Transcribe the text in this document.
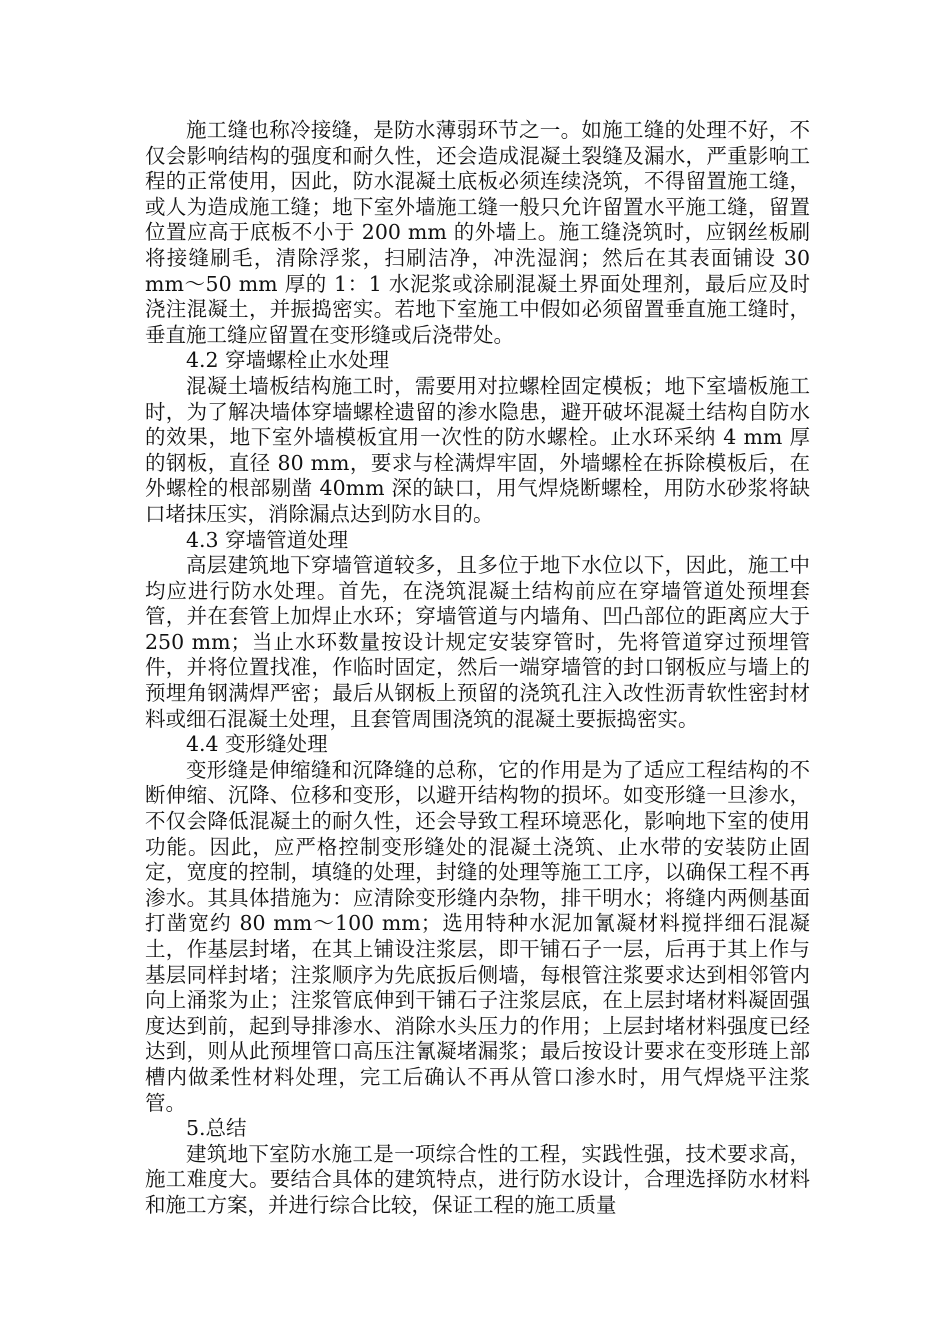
施工缝也称冷接缝，是防水薄弱环节之一。如施工缝的处理不好，不仅会影响结构的强度和耐久性，还会造成混凝土裂缝及漏水，严重影响工程的正常使用，因此，防水混凝土底板必须连续浇筑，不得留置施工缝，或人为造成施工缝；地下室外墙施工缝一般只允许留置水平施工缝，留置位置应高于底板不小于 200 mm 的外墙上。施工缝浇筑时，应钢丝板刷将接缝刷毛，清除浮浆，扫刷洁净，冲洗湿润；然后在其表面铺设 30 mm～50 mm 厚的 1：1 水泥浆或涂刷混凝土界面处理剂，最后应及时浇注混凝土，并振捣密实。若地下室施工中假如必须留置垂直施工缝时，垂直施工缝应留置在变形缝或后浇带处。

4.2 穿墙螺栓止水处理

混凝土墙板结构施工时，需要用对拉螺栓固定模板；地下室墙板施工时，为了解决墙体穿墙螺栓遗留的渗水隐患，避开破坏混凝土结构自防水的效果，地下室外墙模板宜用一次性的防水螺栓。止水环采纳 4 mm 厚的钢板，直径 80 mm，要求与栓满焊牢固，外墙螺栓在拆除模板后，在外螺栓的根部剔凿 40mm 深的缺口，用气焊烧断螺栓，用防水砂浆将缺口堵抹压实，消除漏点达到防水目的。

4.3 穿墙管道处理

高层建筑地下穿墙管道较多，且多位于地下水位以下，因此，施工中均应进行防水处理。首先，在浇筑混凝土结构前应在穿墙管道处预埋套管，并在套管上加焊止水环；穿墙管道与内墙角、凹凸部位的距离应大于 250 mm；当止水环数量按设计规定安装穿管时，先将管道穿过预埋管件，并将位置找准，作临时固定，然后一端穿墙管的封口钢板应与墙上的预埋角钢满焊严密；最后从钢板上预留的浇筑孔注入改性沥青软性密封材料或细石混凝土处理，且套管周围浇筑的混凝土要振捣密实。

4.4 变形缝处理

变形缝是伸缩缝和沉降缝的总称，它的作用是为了适应工程结构的不断伸缩、沉降、位移和变形，以避开结构物的损坏。如变形缝一旦渗水，不仅会降低混凝土的耐久性，还会导致工程环境恶化，影响地下室的使用功能。因此，应严格控制变形缝处的混凝土浇筑、止水带的安装防止固定，宽度的控制，填缝的处理，封缝的处理等施工工序，以确保工程不再渗水。其具体措施为：应清除变形缝内杂物，排干明水；将缝内两侧基面打凿宽约 80 mm～100 mm；选用特种水泥加氰凝材料搅拌细石混凝土，作基层封堵，在其上铺设注浆层，即干铺石子一层，后再于其上作与基层同样封堵；注浆顺序为先底扳后侧墙，每根管注浆要求达到相邻管内向上涌浆为止；注浆管底伸到干铺石子注浆层底，在上层封堵材料凝固强度达到前，起到导排渗水、消除水头压力的作用；上层封堵材料强度已经达到，则从此预埋管口高压注氰凝堵漏浆；最后按设计要求在变形琏上部槽内做柔性材料处理，完工后确认不再从管口渗水时，用气焊烧平注浆管。

5.总结

建筑地下室防水施工是一项综合性的工程，实践性强，技术要求高，施工难度大。要结合具体的建筑特点，进行防水设计，合理选择防水材料和施工方案，并进行综合比较，保证工程的施工质量
